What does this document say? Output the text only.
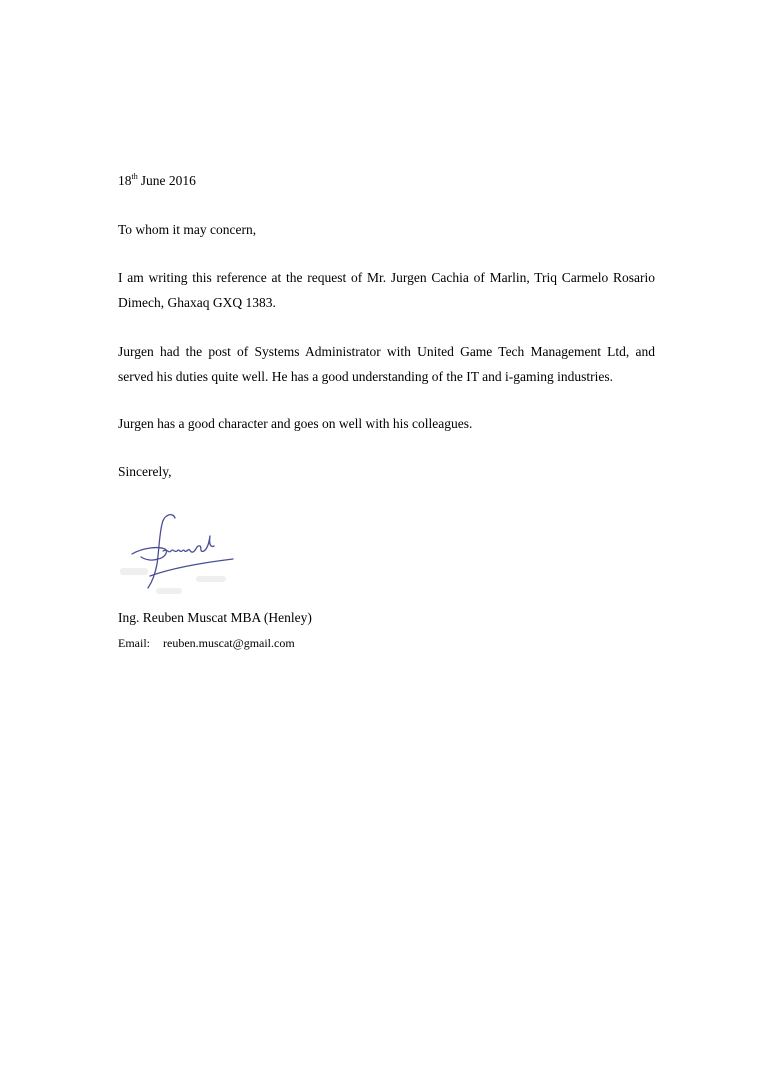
18th June 2016
To whom it may concern,
I am writing this reference at the request of Mr. Jurgen Cachia of Marlin, Triq Carmelo Rosario Dimech, Ghaxaq GXQ 1383.
Jurgen had the post of Systems Administrator with United Game Tech Management Ltd, and served his duties quite well. He has a good understanding of the IT and i-gaming industries.
Jurgen has a good character and goes on well with his colleagues.
Sincerely,
Ing. Reuben Muscat MBA (Henley)
Email: reuben.muscat@gmail.com
